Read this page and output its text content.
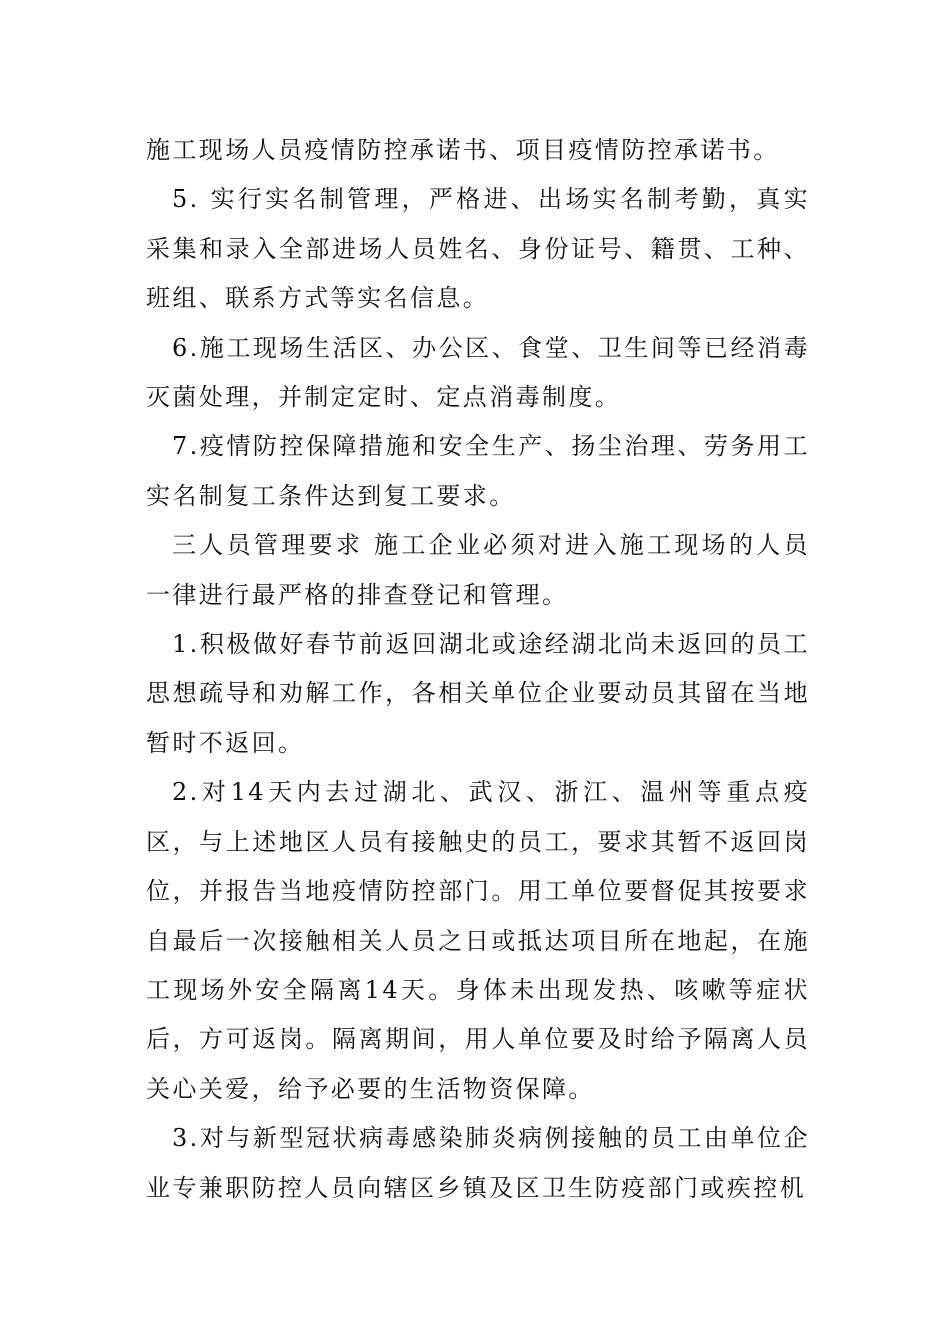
施工现场人员疫情防控承诺书、项目疫情防控承诺书。

5. 实行实名制管理，严格进、出场实名制考勤，真实采集和录入全部进场人员姓名、身份证号、籍贯、工种、班组、联系方式等实名信息。

6.施工现场生活区、办公区、食堂、卫生间等已经消毒灭菌处理，并制定定时、定点消毒制度。

7.疫情防控保障措施和安全生产、扬尘治理、劳务用工实名制复工条件达到复工要求。

三人员管理要求 施工企业必须对进入施工现场的人员一律进行最严格的排查登记和管理。

1.积极做好春节前返回湖北或途经湖北尚未返回的员工思想疏导和劝解工作，各相关单位企业要动员其留在当地暂时不返回。

2.对14天内去过湖北、武汉、浙江、温州等重点疫区，与上述地区人员有接触史的员工，要求其暂不返回岗位，并报告当地疫情防控部门。用工单位要督促其按要求自最后一次接触相关人员之日或抵达项目所在地起，在施工现场外安全隔离14天。身体未出现发热、咳嗽等症状后，方可返岗。隔离期间，用人单位要及时给予隔离人员关心关爱，给予必要的生活物资保障。

3.对与新型冠状病毒感染肺炎病例接触的员工由单位企业专兼职防控人员向辖区乡镇及区卫生防疫部门或疾控机
